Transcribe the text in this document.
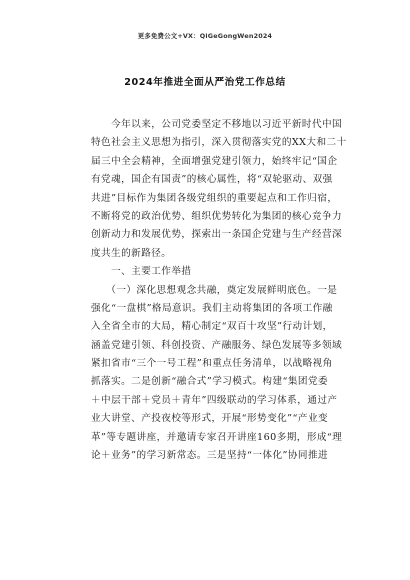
更多免费公文+VX：QiGeGongWen2024
2024年推进全面从严治党工作总结
　　今年以来，公司党委坚定不移地以习近平新时代中国
特色社会主义思想为指引，深入贯彻落实党的XX大和二十
届三中全会精神，全面增强党建引领力，始终牢记“国企
有党魂，国企有国责”的核心属性，将“双轮驱动、双强
共进”目标作为集团各级党组织的重要起点和工作归宿，
不断将党的政治优势、组织优势转化为集团的核心竞争力
创新动力和发展优势，探索出一条国企党建与生产经营深
度共生的新路径。
　　一、主要工作举措
　　（一）深化思想观念共融，奠定发展鲜明底色。一是
强化“一盘棋”格局意识。我们主动将集团的各项工作融
入全省全市的大局，精心制定“双百十攻坚”行动计划，
涵盖党建引领、科创投资、产融服务、绿色发展等多领域
紧扣省市“三个一号工程”和重点任务清单，以战略视角
抓落实。二是创新“融合式”学习模式。构建“集团党委
＋中层干部＋党员＋青年”四级联动的学习体系，通过产
业大讲堂、产投夜校等形式，开展“形势变化”“产业变
革”等专题讲座，并邀请专家召开讲座160多期，形成“理
论＋业务”的学习新常态。三是坚持“一体化”协同推进
